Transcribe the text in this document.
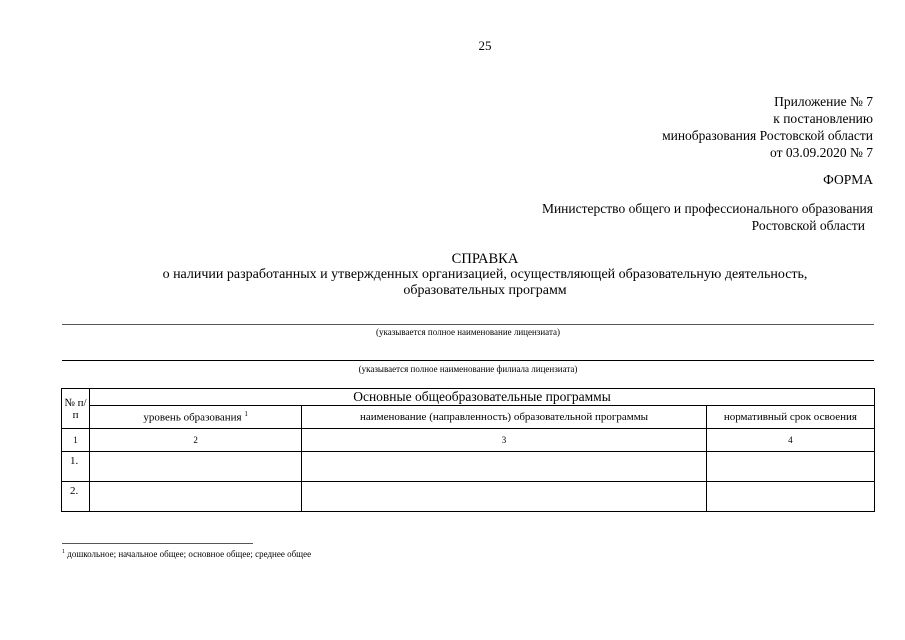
25
Приложение № 7
к постановлению
минобразования Ростовской области
от 03.09.2020 № 7
ФОРМА
Министерство общего и профессионального образования
Ростовской области
СПРАВКА
о наличии разработанных и утвержденных организацией, осуществляющей образовательную деятельность,
образовательных программ
(указывается полное наименование лицензиата)
(указывается полное наименование филиала лицензиата)
№ п/п	Основные общеобразовательные программы		
	уровень образования $^1$	наименование (направленность) образовательной программы	нормативный срок освоения
1	2	3	4
1.			
2.			
$^1$ дошкольное; начальное общее; основное общее; среднее общее
